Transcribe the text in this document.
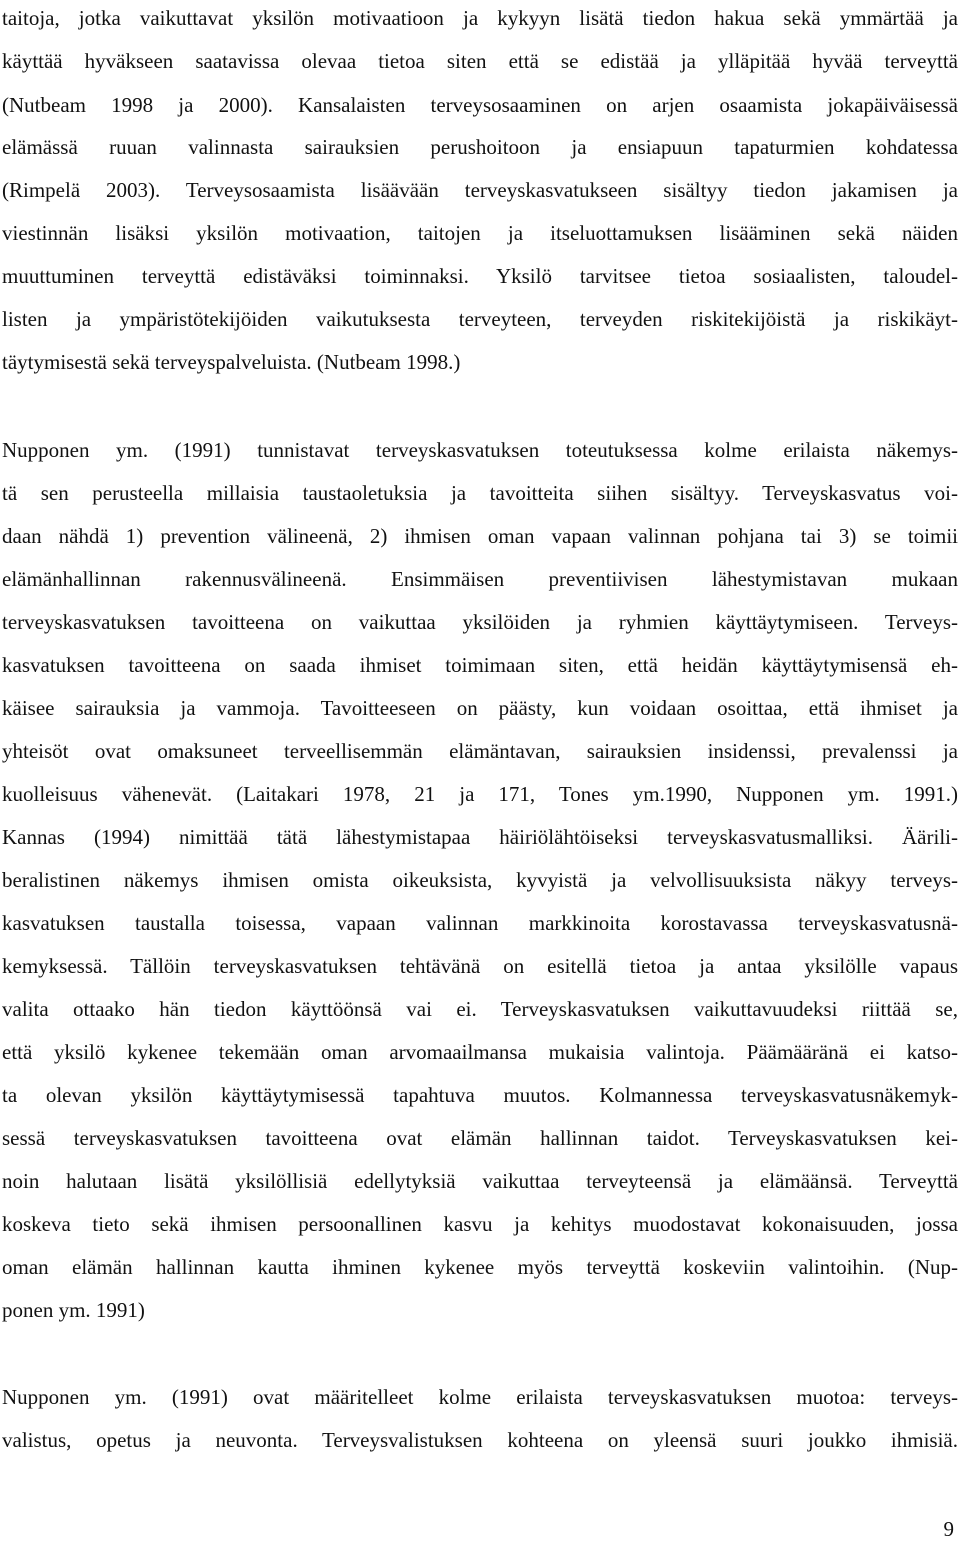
taitoja, jotka vaikuttavat yksilön motivaatioon ja kykyyn lisätä tiedon hakua sekä ymmärtää ja
käyttää hyväkseen saatavissa olevaa tietoa siten että se edistää ja ylläpitää hyvää terveyttä
(Nutbeam 1998 ja 2000). Kansalaisten terveysosaaminen on arjen osaamista jokapäiväisessä
elämässä ruuan valinnasta sairauksien perushoitoon ja ensiapuun tapaturmien kohdatessa
(Rimpelä 2003). Terveysosaamista lisäävään terveyskasvatukseen sisältyy tiedon jakamisen ja
viestinnän lisäksi yksilön motivaation, taitojen ja itseluottamuksen lisääminen sekä näiden
muuttuminen terveyttä edistäväksi toiminnaksi. Yksilö tarvitsee tietoa sosiaalisten, taloudel-
listen ja ympäristötekijöiden vaikutuksesta terveyteen, terveyden riskitekijöistä ja riskikäyt-
täytymisestä sekä terveyspalveluista. (Nutbeam 1998.)
Nupponen ym. (1991) tunnistavat terveyskasvatuksen toteutuksessa kolme erilaista näkemys-
tä sen perusteella millaisia taustaoletuksia ja tavoitteita siihen sisältyy. Terveyskasvatus voi-
daan nähdä 1) prevention välineenä, 2) ihmisen oman vapaan valinnan pohjana tai 3) se toimii
elämänhallinnan rakennusvälineenä. Ensimmäisen preventiivisen lähestymistavan mukaan
terveyskasvatuksen tavoitteena on vaikuttaa yksilöiden ja ryhmien käyttäytymiseen. Terveys-
kasvatuksen tavoitteena on saada ihmiset toimimaan siten, että heidän käyttäytymisensä eh-
käisee sairauksia ja vammoja. Tavoitteeseen on päästy, kun voidaan osoittaa, että ihmiset ja
yhteisöt ovat omaksuneet terveellisemmän elämäntavan, sairauksien insidenssi, prevalenssi ja
kuolleisuus vähenevät. (Laitakari 1978, 21 ja 171, Tones ym.1990, Nupponen ym. 1991.)
Kannas (1994) nimittää tätä lähestymistapaa häiriölähtöiseksi terveyskasvatusmalliksi. Äärili-
beralistinen näkemys ihmisen omista oikeuksista, kyvyistä ja velvollisuuksista näkyy terveys-
kasvatuksen taustalla toisessa, vapaan valinnan markkinoita korostavassa terveyskasvatusnä-
kemyksessä. Tällöin terveyskasvatuksen tehtävänä on esitellä tietoa ja antaa yksilölle vapaus
valita ottaako hän tiedon käyttöönsä vai ei. Terveyskasvatuksen vaikuttavuudeksi riittää se,
että yksilö kykenee tekemään oman arvomaailmansa mukaisia valintoja. Päämääränä ei katso-
ta olevan yksilön käyttäytymisessä tapahtuva muutos. Kolmannessa terveyskasvatusnäkemyk-
sessä terveyskasvatuksen tavoitteena ovat elämän hallinnan taidot. Terveyskasvatuksen kei-
noin halutaan lisätä yksilöllisiä edellytyksiä vaikuttaa terveyteensä ja elämäänsä. Terveyttä
koskeva tieto sekä ihmisen persoonallinen kasvu ja kehitys muodostavat kokonaisuuden, jossa
oman elämän hallinnan kautta ihminen kykenee myös terveyttä koskeviin valintoihin. (Nup-
ponen ym. 1991)
Nupponen ym. (1991) ovat määritelleet kolme erilaista terveyskasvatuksen muotoa: terveys-
valistus, opetus ja neuvonta. Terveysvalistuksen kohteena on yleensä suuri joukko ihmisiä.
9
